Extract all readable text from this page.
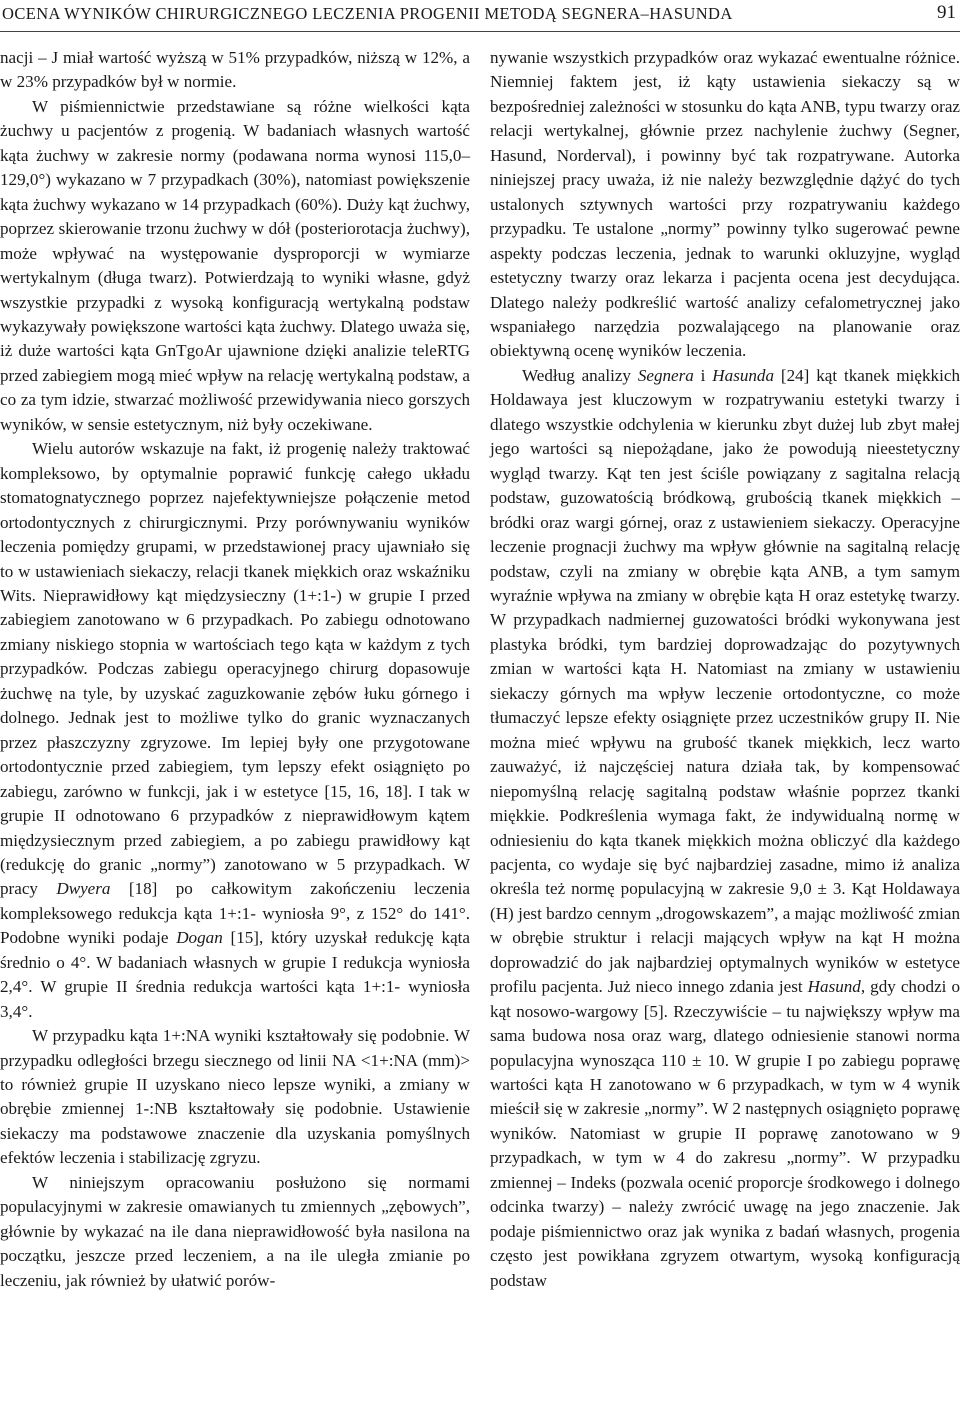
OCENA WYNIKÓW CHIRURGICZNEGO LECZENIA PROGENII METODĄ SEGNERA–HASUNDA	91

nacji – J miał wartość wyższą w 51% przypadków, niższą w 12%, a w 23% przypadków był w normie.

W piśmiennictwie przedstawiane są różne wielkości kąta żuchwy u pacjentów z progenią. W badaniach własnych wartość kąta żuchwy w zakresie normy (podawana norma wynosi 115,0–129,0°) wykazano w 7 przypadkach (30%), natomiast powiększenie kąta żuchwy wykazano w 14 przypadkach (60%). Duży kąt żuchwy, poprzez skierowanie trzonu żuchwy w dół (posteriorotacja żuchwy), może wpływać na występowanie dysproporcji w wymiarze wertykalnym (długa twarz). Potwierdzają to wyniki własne, gdyż wszystkie przypadki z wysoką konfiguracją wertykalną podstaw wykazywały powiększone wartości kąta żuchwy. Dlatego uważa się, iż duże wartości kąta GnTgoAr ujawnione dzięki analizie teleRTG przed zabiegiem mogą mieć wpływ na relację wertykalną podstaw, a co za tym idzie, stwarzać możliwość przewidywania nieco gorszych wyników, w sensie estetycznym, niż były oczekiwane.

Wielu autorów wskazuje na fakt, iż progenię należy traktować kompleksowo, by optymalnie poprawić funkcję całego układu stomatognatycznego poprzez najefektywniejsze połączenie metod ortodontycznych z chirurgicznymi. Przy porównywaniu wyników leczenia pomiędzy grupami, w przedstawionej pracy ujawniało się to w ustawieniach siekaczy, relacji tkanek miękkich oraz wskaźniku Wits. Nieprawidłowy kąt międzysieczny (1+:1-) w grupie I przed zabiegiem zanotowano w 6 przypadkach. Po zabiegu odnotowano zmiany niskiego stopnia w wartościach tego kąta w każdym z tych przypadków. Podczas zabiegu operacyjnego chirurg dopasowuje żuchwę na tyle, by uzyskać zaguzkowanie zębów łuku górnego i dolnego. Jednak jest to możliwe tylko do granic wyznaczanych przez płaszczyzny zgryzowe. Im lepiej były one przygotowane ortodontycznie przed zabiegiem, tym lepszy efekt osiągnięto po zabiegu, zarówno w funkcji, jak i w estetyce [15, 16, 18]. I tak w grupie II odnotowano 6 przypadków z nieprawidłowym kątem międzysiecznym przed zabiegiem, a po zabiegu prawidłowy kąt (redukcję do granic „normy”) zanotowano w 5 przypadkach. W pracy Dwyera [18] po całkowitym zakończeniu leczenia kompleksowego redukcja kąta 1+:1- wyniosła 9°, z 152° do 141°. Podobne wyniki podaje Dogan [15], który uzyskał redukcję kąta średnio o 4°. W badaniach własnych w grupie I redukcja wyniosła 2,4°. W grupie II średnia redukcja wartości kąta 1+:1- wyniosła 3,4°.

W przypadku kąta 1+:NA wyniki kształtowały się podobnie. W przypadku odległości brzegu siecznego od linii NA <1+:NA (mm)> to również grupie II uzyskano nieco lepsze wyniki, a zmiany w obrębie zmiennej 1-:NB kształtowały się podobnie. Ustawienie siekaczy ma podstawowe znaczenie dla uzyskania pomyślnych efektów leczenia i stabilizację zgryzu.

W niniejszym opracowaniu posłużono się normami populacyjnymi w zakresie omawianych tu zmiennych „zębowych”, głównie by wykazać na ile dana nieprawidłowość była nasilona na początku, jeszcze przed leczeniem, a na ile uległa zmianie po leczeniu, jak również by ułatwić porów-

nywanie wszystkich przypadków oraz wykazać ewentualne różnice. Niemniej faktem jest, iż kąty ustawienia siekaczy są w bezpośredniej zależności w stosunku do kąta ANB, typu twarzy oraz relacji wertykalnej, głównie przez nachylenie żuchwy (Segner, Hasund, Norderval), i powinny być tak rozpatrywane. Autorka niniejszej pracy uważa, iż nie należy bezwzględnie dążyć do tych ustalonych sztywnych wartości przy rozpatrywaniu każdego przypadku. Te ustalone „normy” powinny tylko sugerować pewne aspekty podczas leczenia, jednak to warunki okluzyjne, wygląd estetyczny twarzy oraz lekarza i pacjenta ocena jest decydująca. Dlatego należy podkreślić wartość analizy cefalometrycznej jako wspaniałego narzędzia pozwalającego na planowanie oraz obiektywną ocenę wyników leczenia.

Według analizy Segnera i Hasunda [24] kąt tkanek miękkich Holdawaya jest kluczowym w rozpatrywaniu estetyki twarzy i dlatego wszystkie odchylenia w kierunku zbyt dużej lub zbyt małej jego wartości są niepożądane, jako że powodują nieestetyczny wygląd twarzy. Kąt ten jest ściśle powiązany z sagitalna relacją podstaw, guzowatością bródkową, grubością tkanek miękkich – bródki oraz wargi górnej, oraz z ustawieniem siekaczy. Operacyjne leczenie prognacji żuchwy ma wpływ głównie na sagitalną relację podstaw, czyli na zmiany w obrębie kąta ANB, a tym samym wyraźnie wpływa na zmiany w obrębie kąta H oraz estetykę twarzy. W przypadkach nadmiernej guzowatości bródki wykonywana jest plastyka bródki, tym bardziej doprowadzając do pozytywnych zmian w wartości kąta H. Natomiast na zmiany w ustawieniu siekaczy górnych ma wpływ leczenie ortodontyczne, co może tłumaczyć lepsze efekty osiągnięte przez uczestników grupy II. Nie można mieć wpływu na grubość tkanek miękkich, lecz warto zauważyć, iż najczęściej natura działa tak, by kompensować niepomyślną relację sagitalną podstaw właśnie poprzez tkanki miękkie. Podkreślenia wymaga fakt, że indywidualną normę w odniesieniu do kąta tkanek miękkich można obliczyć dla każdego pacjenta, co wydaje się być najbardziej zasadne, mimo iż analiza określa też normę populacyjną w zakresie 9,0 ± 3. Kąt Holdawaya (H) jest bardzo cennym „drogowskazem”, a mając możliwość zmian w obrębie struktur i relacji mających wpływ na kąt H można doprowadzić do jak najbardziej optymalnych wyników w estetyce profilu pacjenta. Już nieco innego zdania jest Hasund, gdy chodzi o kąt nosowo-wargowy [5]. Rzeczywiście – tu największy wpływ ma sama budowa nosa oraz warg, dlatego odniesienie stanowi norma populacyjna wynosząca 110 ± 10. W grupie I po zabiegu poprawę wartości kąta H zanotowano w 6 przypadkach, w tym w 4 wynik mieścił się w zakresie „normy”. W 2 następnych osiągnięto poprawę wyników. Natomiast w grupie II poprawę zanotowano w 9 przypadkach, w tym w 4 do zakresu „normy”. W przypadku zmiennej – Indeks (pozwala ocenić proporcje środkowego i dolnego odcinka twarzy) – należy zwrócić uwagę na jego znaczenie. Jak podaje piśmiennictwo oraz jak wynika z badań własnych, progenia często jest powikłana zgryzem otwartym, wysoką konfiguracją podstaw
